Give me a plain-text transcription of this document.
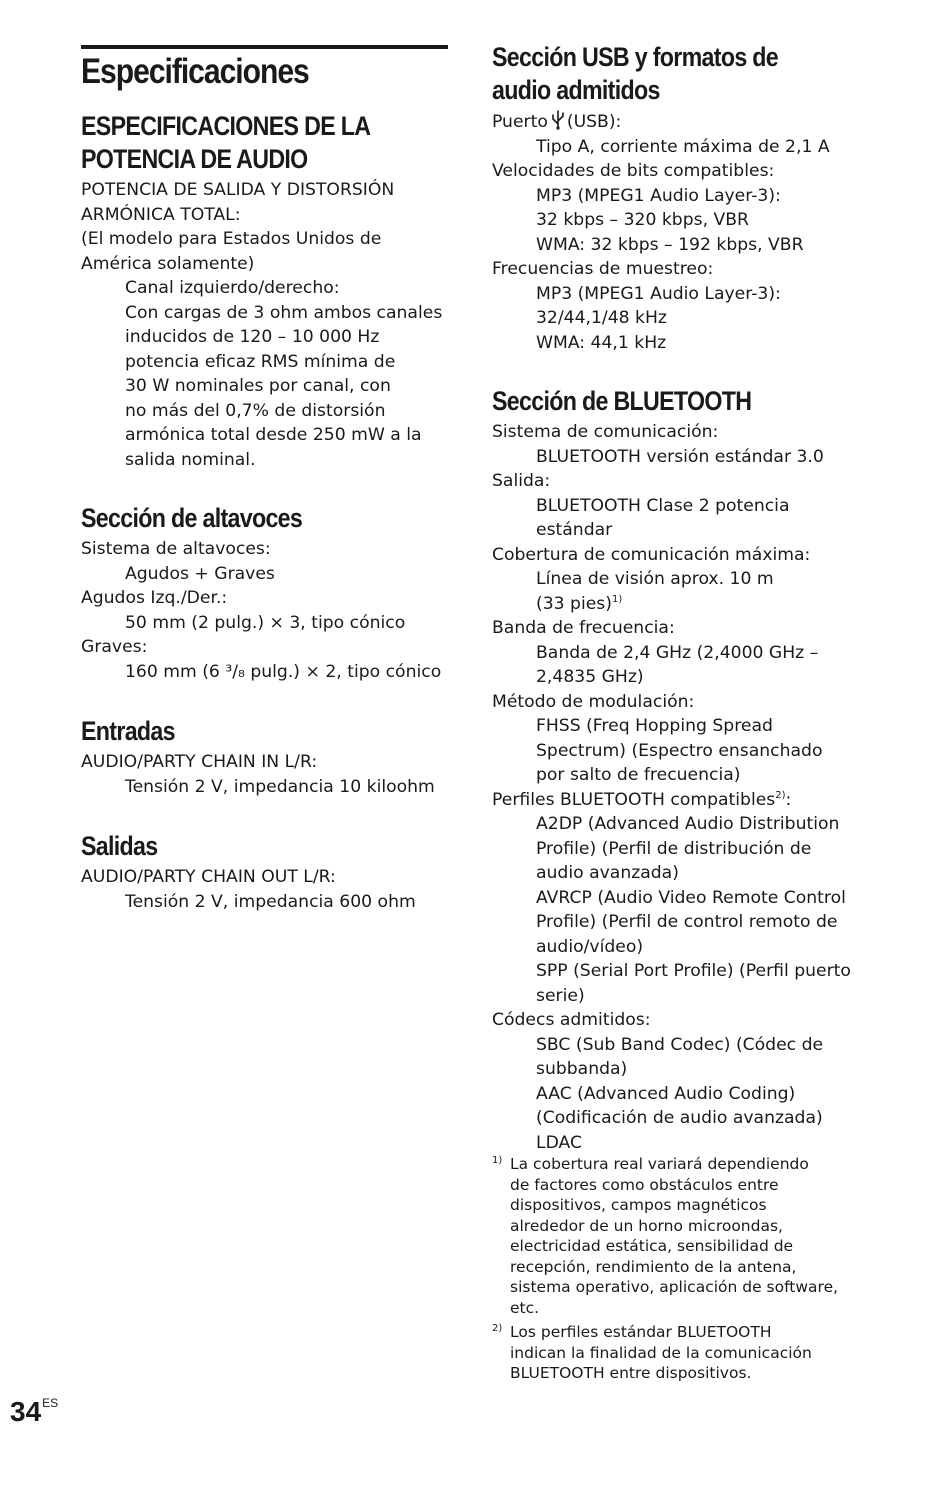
Especificaciones
ESPECIFICACIONES DE LA
POTENCIA DE AUDIO
POTENCIA DE SALIDA Y DISTORSIÓN
ARMÓNICA TOTAL:
(El modelo para Estados Unidos de
América solamente)
Canal izquierdo/derecho:
Con cargas de 3 ohm ambos canales
inducidos de 120 – 10 000 Hz
potencia eficaz RMS mínima de
30 W nominales por canal, con
no más del 0,7% de distorsión
armónica total desde 250 mW a la
salida nominal.
Sección de altavoces
Sistema de altavoces:
Agudos + Graves
Agudos Izq./Der.:
50 mm (2 pulg.) × 3, tipo cónico
Graves:
160 mm (6 ³/₈ pulg.) × 2, tipo cónico
Entradas
AUDIO/PARTY CHAIN IN L/R:
Tensión 2 V, impedancia 10 kiloohm
Salidas
AUDIO/PARTY CHAIN OUT L/R:
Tensión 2 V, impedancia 600 ohm
Sección USB y formatos de
audio admitidos
Puerto (USB):
Tipo A, corriente máxima de 2,1 A
Velocidades de bits compatibles:
MP3 (MPEG1 Audio Layer-3):
32 kbps – 320 kbps, VBR
WMA: 32 kbps – 192 kbps, VBR
Frecuencias de muestreo:
MP3 (MPEG1 Audio Layer-3):
32/44,1/48 kHz
WMA: 44,1 kHz
Sección de BLUETOOTH
Sistema de comunicación:
BLUETOOTH versión estándar 3.0
Salida:
BLUETOOTH Clase 2 potencia
estándar
Cobertura de comunicación máxima:
Línea de visión aprox. 10 m
(33 pies)$^{1)}$
Banda de frecuencia:
Banda de 2,4 GHz (2,4000 GHz –
2,4835 GHz)
Método de modulación:
FHSS (Freq Hopping Spread
Spectrum) (Espectro ensanchado
por salto de frecuencia)
Perfiles BLUETOOTH compatibles$^{2)}$:
A2DP (Advanced Audio Distribution
Profile) (Perfil de distribución de
audio avanzada)
AVRCP (Audio Video Remote Control
Profile) (Perfil de control remoto de
audio/vídeo)
SPP (Serial Port Profile) (Perfil puerto
serie)
Códecs admitidos:
SBC (Sub Band Codec) (Códec de
subbanda)
AAC (Advanced Audio Coding)
(Codificación de audio avanzada)
LDAC
1) La cobertura real variará dependiendo
de factores como obstáculos entre
dispositivos, campos magnéticos
alrededor de un horno microondas,
electricidad estática, sensibilidad de
recepción, rendimiento de la antena,
sistema operativo, aplicación de software,
etc.
2) Los perfiles estándar BLUETOOTH
indican la finalidad de la comunicación
BLUETOOTH entre dispositivos.
$34^{ES}$
